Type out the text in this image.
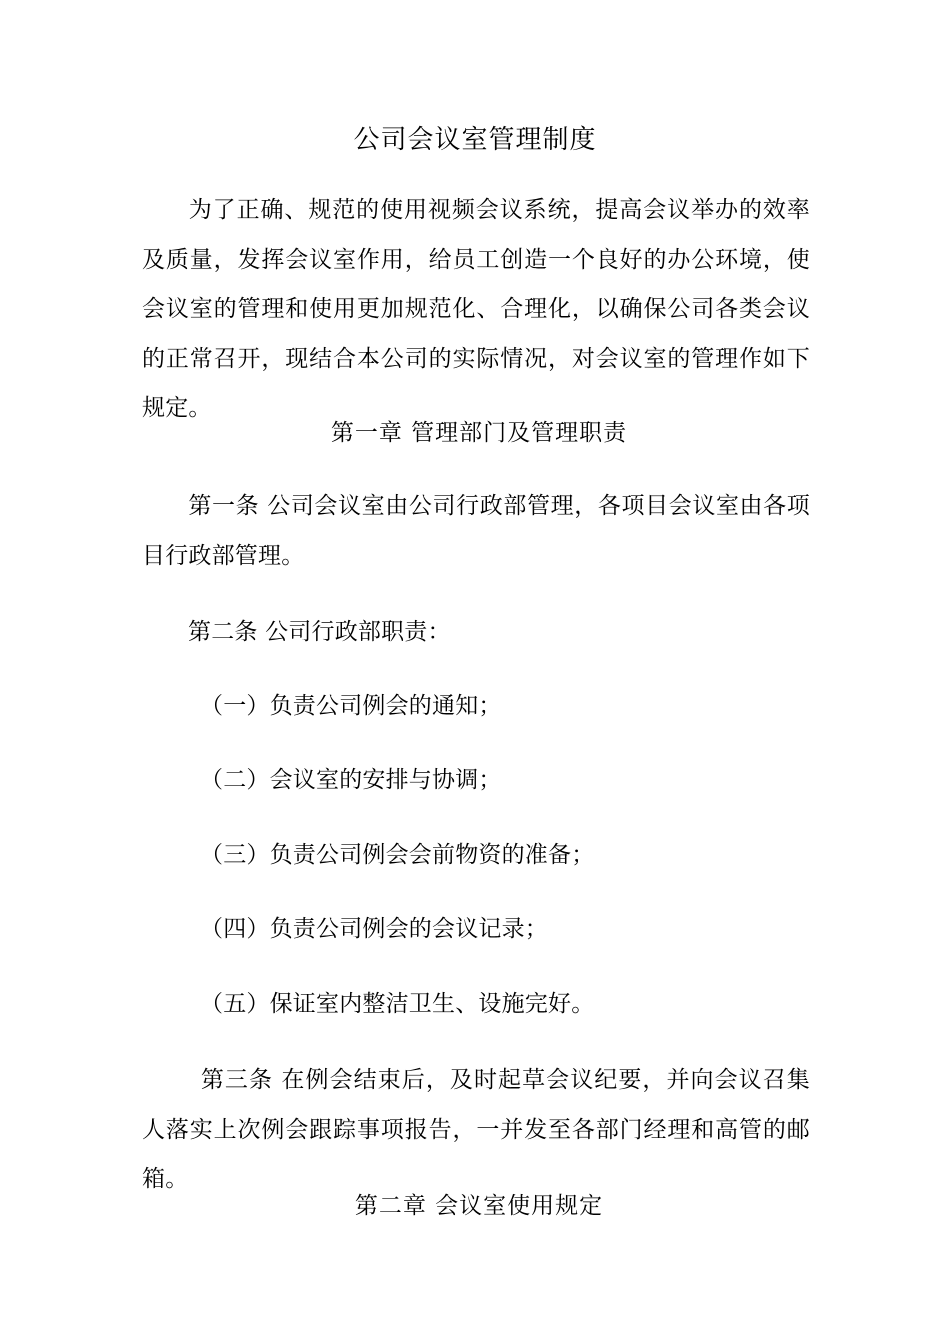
公司会议室管理制度
为了正确、规范的使用视频会议系统，提高会议举办的效率及质量，发挥会议室作用，给员工创造一个良好的办公环境，使会议室的管理和使用更加规范化、合理化，以确保公司各类会议的正常召开，现结合本公司的实际情况，对会议室的管理作如下规定。
第一章 管理部门及管理职责
第一条 公司会议室由公司行政部管理，各项目会议室由各项目行政部管理。
第二条 公司行政部职责：
（一）负责公司例会的通知；
（二）会议室的安排与协调；
（三）负责公司例会会前物资的准备；
（四）负责公司例会的会议记录；
（五）保证室内整洁卫生、设施完好。
第三条 在例会结束后，及时起草会议纪要，并向会议召集人落实上次例会跟踪事项报告，一并发至各部门经理和高管的邮箱。
第二章 会议室使用规定
